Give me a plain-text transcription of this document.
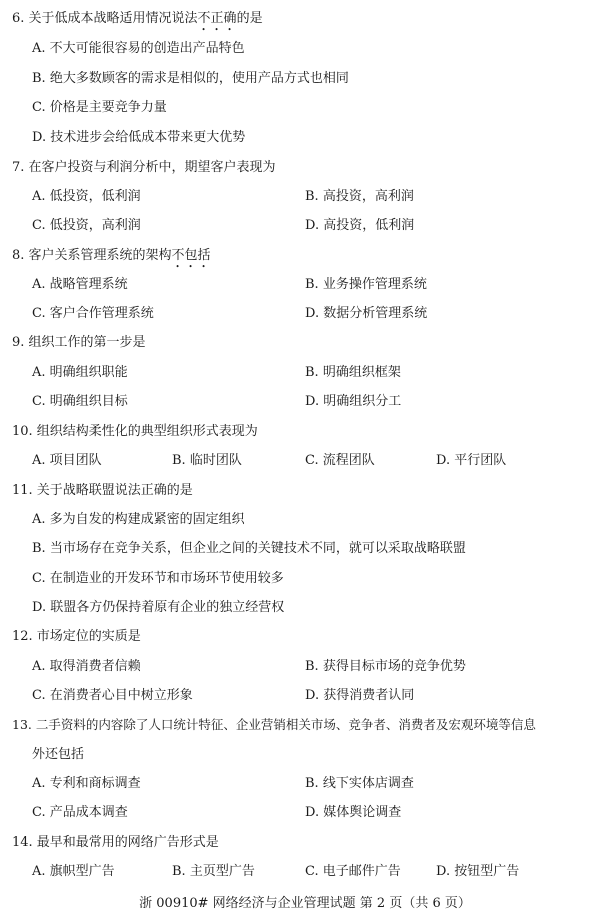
6. 关于低成本战略适用情况说法不正确的是
A. 不大可能很容易的创造出产品特色
B. 绝大多数顾客的需求是相似的，使用产品方式也相同
C. 价格是主要竞争力量
D. 技术进步会给低成本带来更大优势
7. 在客户投资与利润分析中，期望客户表现为
A. 低投资，低利润	B. 高投资，高利润
C. 低投资，高利润	D. 高投资，低利润
8. 客户关系管理系统的架构不包括
A. 战略管理系统	B. 业务操作管理系统
C. 客户合作管理系统	D. 数据分析管理系统
9. 组织工作的第一步是
A. 明确组织职能	B. 明确组织框架
C. 明确组织目标	D. 明确组织分工
10. 组织结构柔性化的典型组织形式表现为
A. 项目团队	B. 临时团队	C. 流程团队	D. 平行团队
11. 关于战略联盟说法正确的是
A. 多为自发的构建成紧密的固定组织
B. 当市场存在竞争关系，但企业之间的关键技术不同，就可以采取战略联盟
C. 在制造业的开发环节和市场环节使用较多
D. 联盟各方仍保持着原有企业的独立经营权
12. 市场定位的实质是
A. 取得消费者信赖	B. 获得目标市场的竞争优势
C. 在消费者心目中树立形象	D. 获得消费者认同
13. 二手资料的内容除了人口统计特征、企业营销相关市场、竞争者、消费者及宏观环境等信息
外还包括
A. 专利和商标调查	B. 线下实体店调查
C. 产品成本调查	D. 媒体舆论调查
14. 最早和最常用的网络广告形式是
A. 旗帜型广告	B. 主页型广告	C. 电子邮件广告	D. 按钮型广告
浙 00910# 网络经济与企业管理试题 第 2 页（共 6 页）
